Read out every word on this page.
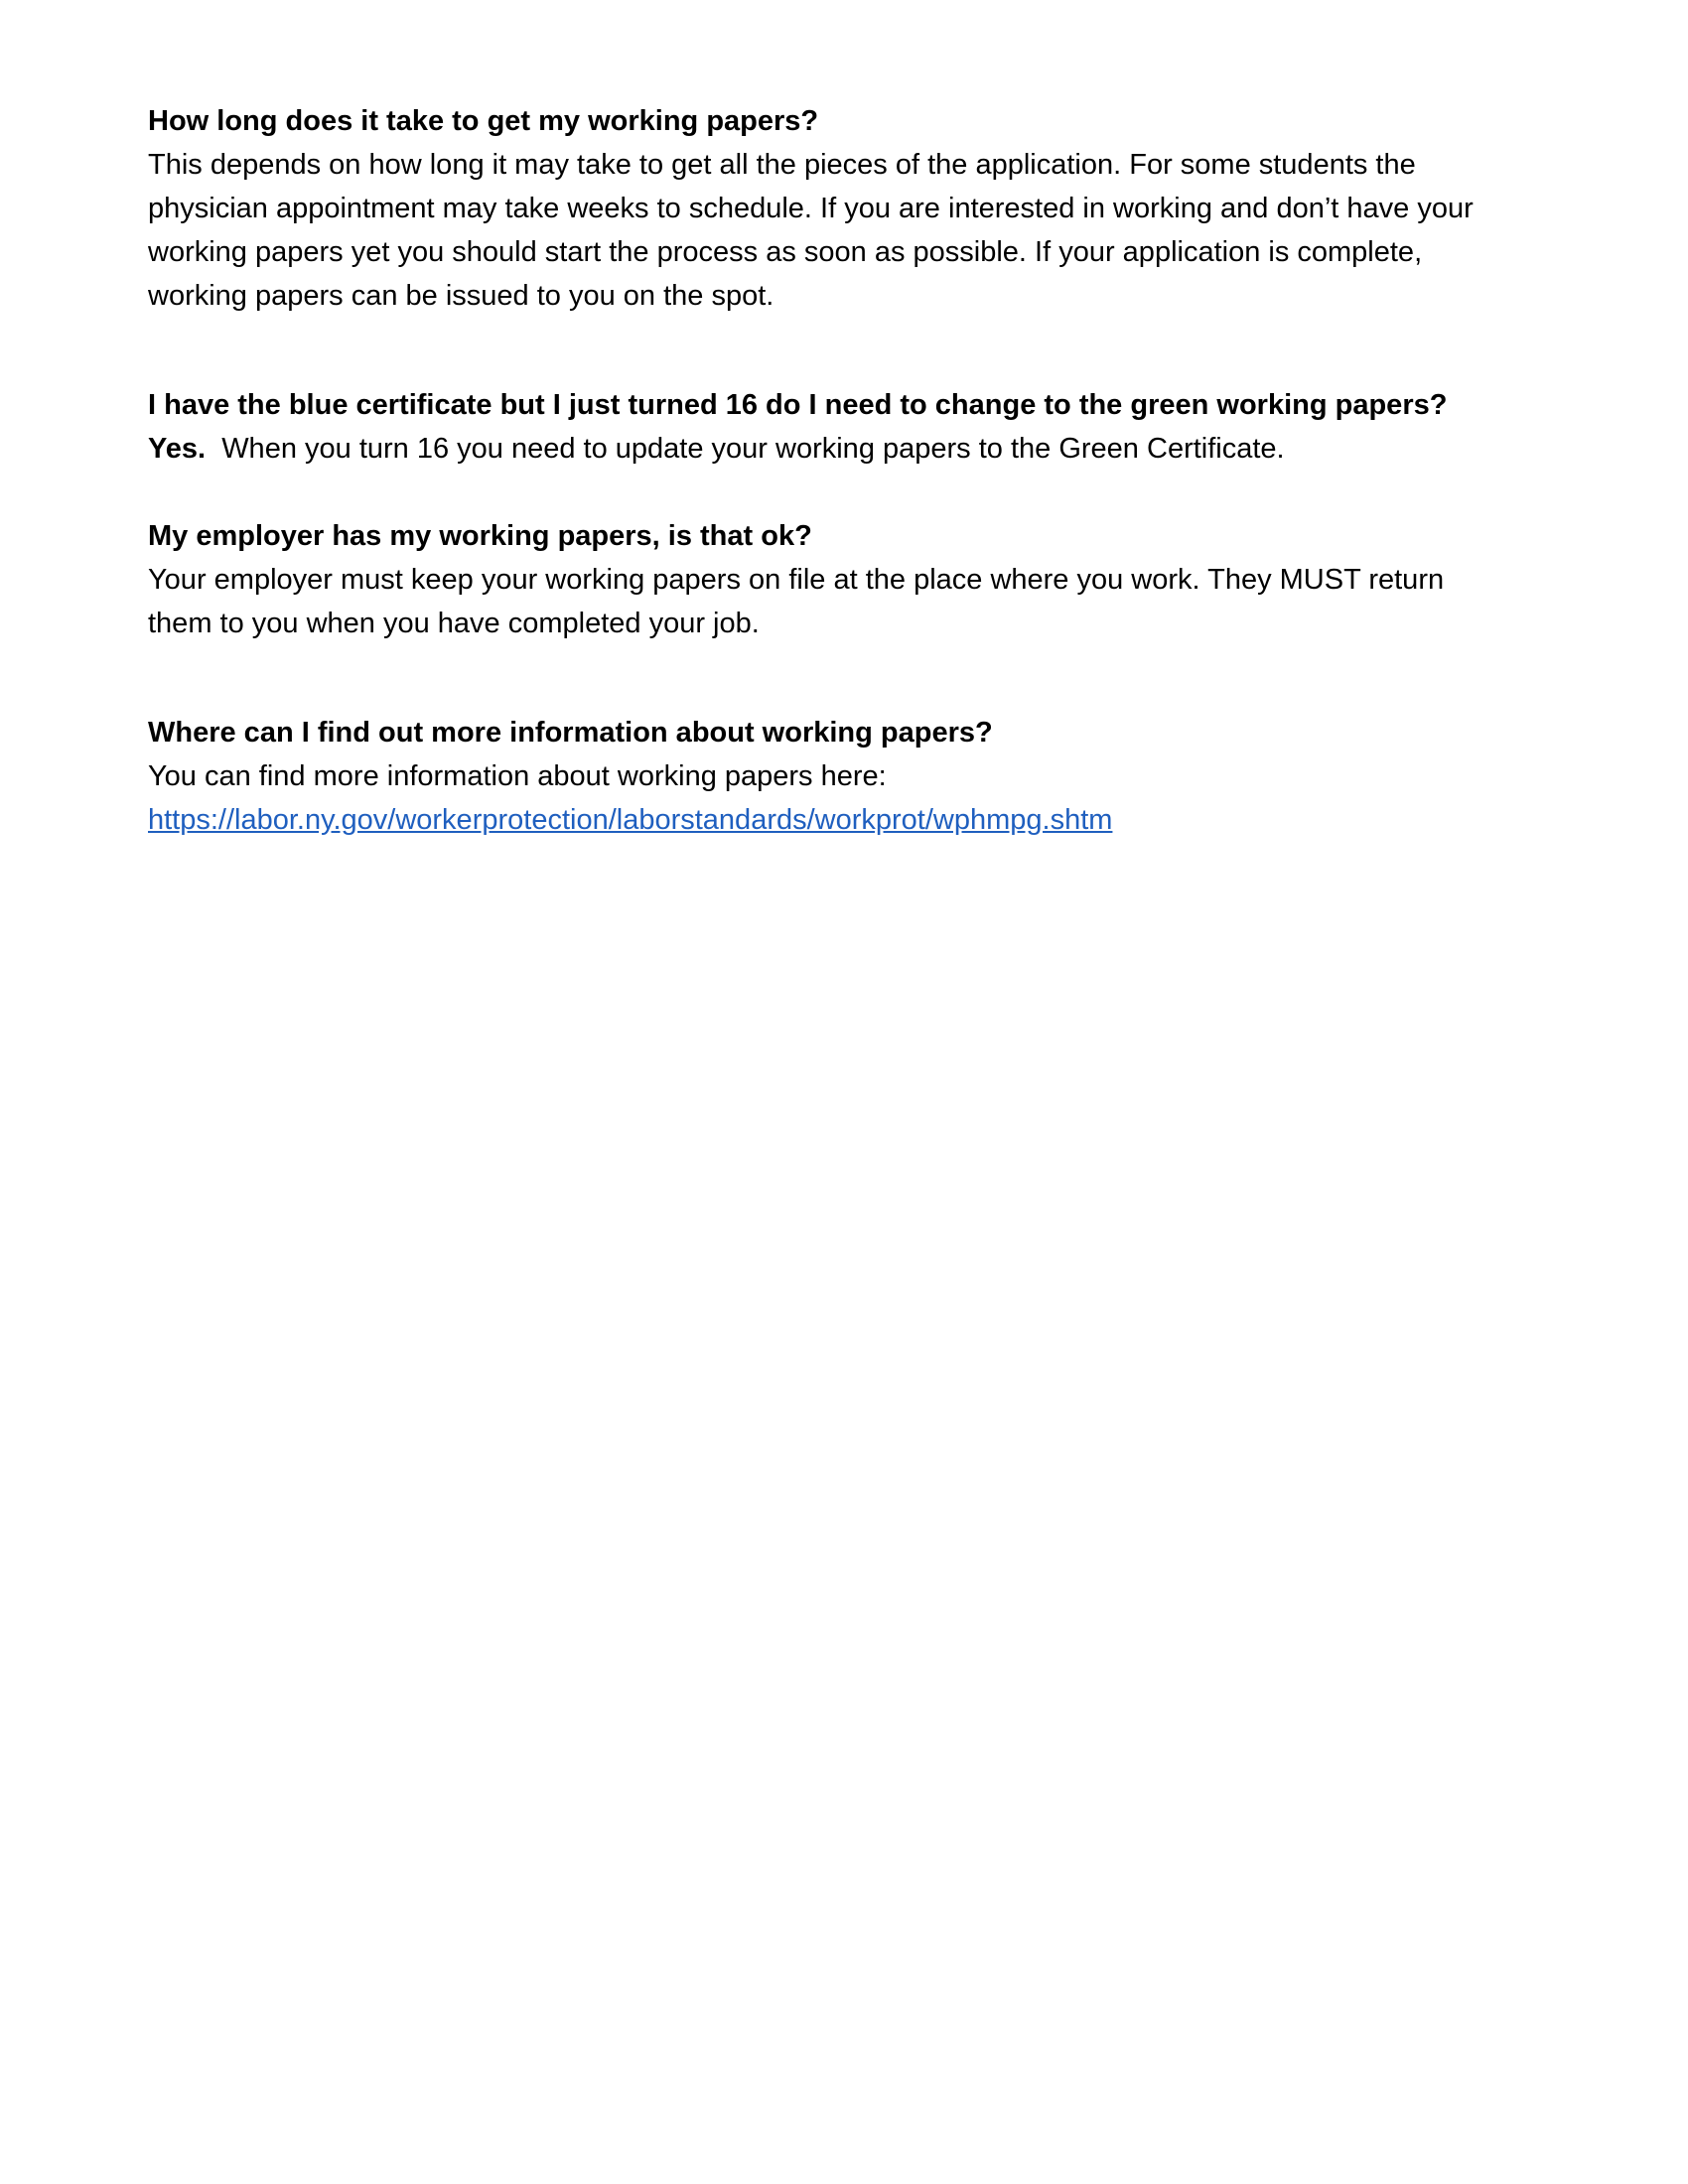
How long does it take to get my working papers?
This depends on how long it may take to get all the pieces of the application. For some students the
physician appointment may take weeks to schedule. If you are interested in working and don’t have your
working papers yet you should start the process as soon as possible. If your application is complete,
working papers can be issued to you on the spot.
I have the blue certificate but I just turned 16 do I need to change to the green working papers?
Yes. When you turn 16 you need to update your working papers to the Green Certificate.
My employer has my working papers, is that ok?
Your employer must keep your working papers on file at the place where you work. They MUST return
them to you when you have completed your job.
Where can I find out more information about working papers?
You can find more information about working papers here:
https://labor.ny.gov/workerprotection/laborstandards/workprot/wphmpg.shtm
